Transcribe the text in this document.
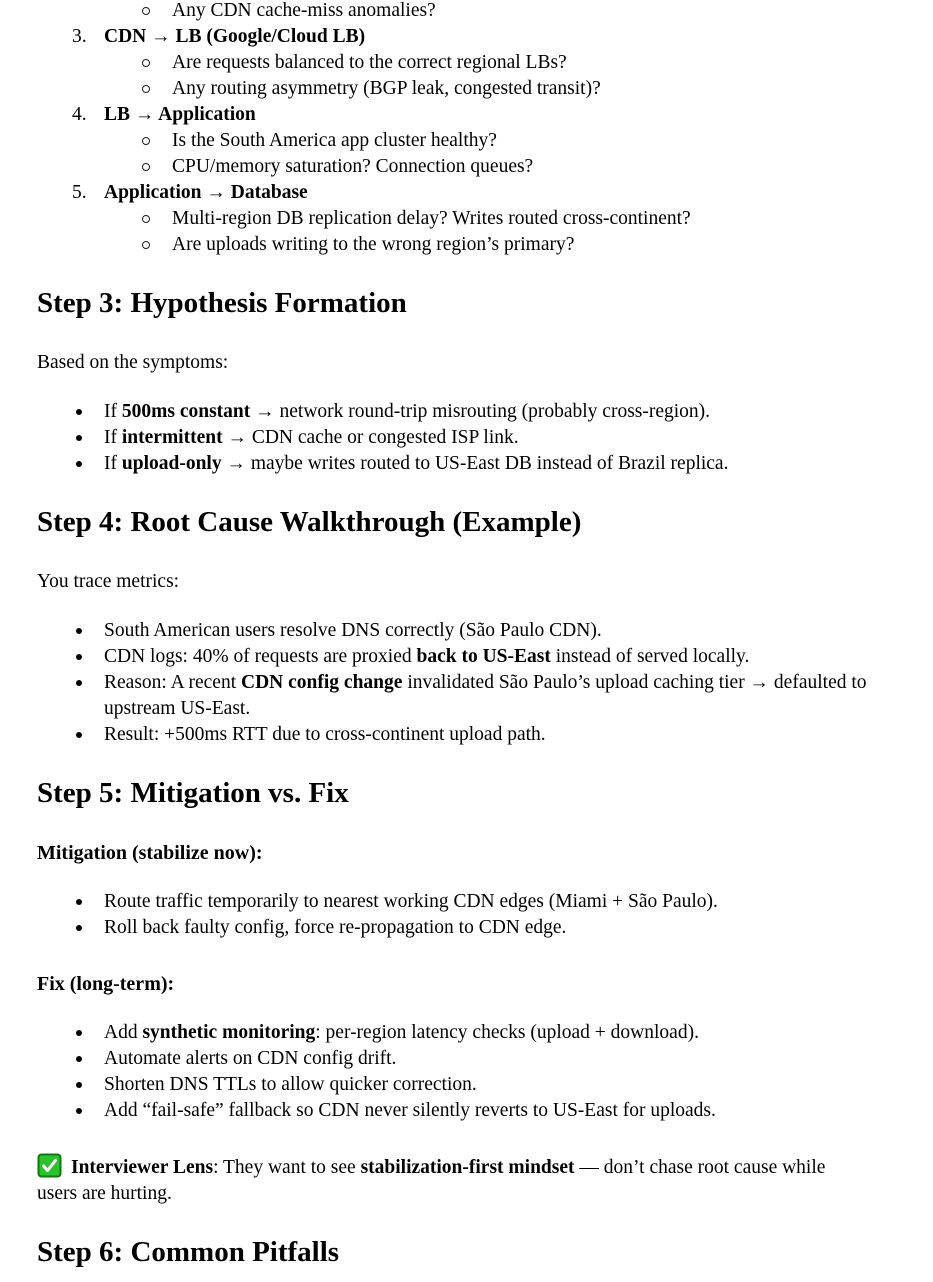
Any CDN cache-miss anomalies?
3. CDN → LB (Google/Cloud LB)
Are requests balanced to the correct regional LBs?
Any routing asymmetry (BGP leak, congested transit)?
4. LB → Application
Is the South America app cluster healthy?
CPU/memory saturation? Connection queues?
5. Application → Database
Multi-region DB replication delay? Writes routed cross-continent?
Are uploads writing to the wrong region’s primary?
Step 3: Hypothesis Formation

Based on the symptoms:

If 500ms constant → network round-trip misrouting (probably cross-region).
If intermittent → CDN cache or congested ISP link.
If upload-only → maybe writes routed to US-East DB instead of Brazil replica.
Step 4: Root Cause Walkthrough (Example)

You trace metrics:

South American users resolve DNS correctly (São Paulo CDN).
CDN logs: 40% of requests are proxied back to US-East instead of served locally.
Reason: A recent CDN config change invalidated São Paulo’s upload caching tier → defaulted to upstream US-East.
Result: +500ms RTT due to cross-continent upload path.
Step 5: Mitigation vs. Fix
Mitigation (stabilize now):
Route traffic temporarily to nearest working CDN edges (Miami + São Paulo).
Roll back faulty config, force re-propagation to CDN edge.
Fix (long-term):
Add synthetic monitoring: per-region latency checks (upload + download).
Automate alerts on CDN config drift.
Shorten DNS TTLs to allow quicker correction.
Add “fail-safe” fallback so CDN never silently reverts to US-East for uploads.

Interviewer Lens: They want to see stabilization-first mindset — don’t chase root cause while users are hurting.

Step 6: Common Pitfalls
